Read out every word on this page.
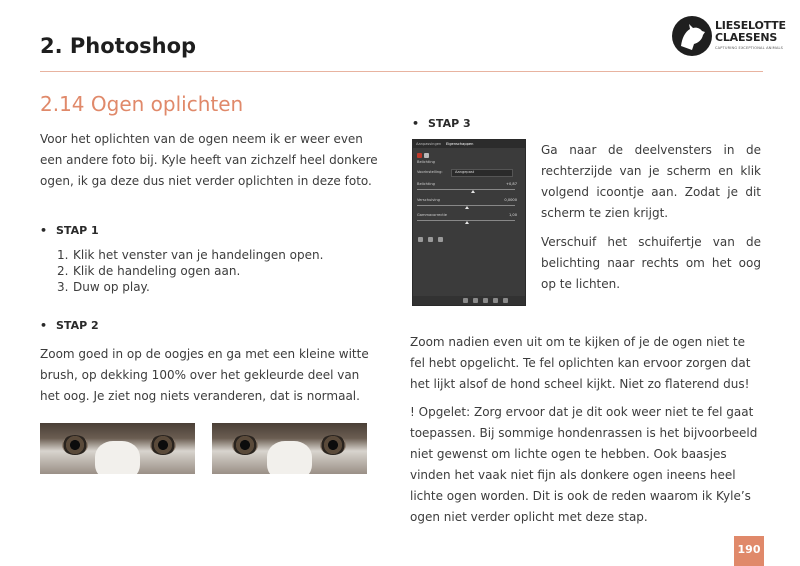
2. Photoshop
LIESELOTTE
CLAESENS
CAPTURING EXCEPTIONAL ANIMALS
2.14 Ogen oplichten

Voor het oplichten van de ogen neem ik er weer even een andere foto bij. Kyle heeft van zichzelf heel donkere ogen, ik ga deze dus niet verder oplichten in deze foto.

• STAP 1

1. Klik het venster van je handelingen open.
2. Klik de handeling ogen aan.
3. Duw op play.

• STAP 2

Zoom goed in op de oogjes en ga met een kleine witte brush, op dekking 100% over het gekleurde deel van het oog. Je ziet nog niets veranderen, dat is normaal.

• STAP 3

Aanpassingen Eigenschappen
Belichting
Voorinstelling:	Aangepast
Belichting	+0,87
Verschuiving	0,0000
Gammacorrectie	1,00

Ga naar de deelvensters in de rechterzijde van je scherm en klik volgend icoontje aan. Zodat je dit scherm te zien krijgt.

Verschuif het schuifertje van de belichting naar rechts om het oog op te lichten.

Zoom nadien even uit om te kijken of je de ogen niet te fel hebt opgelicht. Te fel oplichten kan ervoor zorgen dat het lijkt alsof de hond scheel kijkt. Niet zo flaterend dus!

! Opgelet: Zorg ervoor dat je dit ook weer niet te fel gaat toepassen. Bij sommige hondenrassen is het bijvoorbeeld niet gewenst om lichte ogen te hebben. Ook baasjes vinden het vaak niet fijn als donkere ogen ineens heel lichte ogen worden. Dit is ook de reden waarom ik Kyle’s ogen niet verder oplicht met deze stap.

190
